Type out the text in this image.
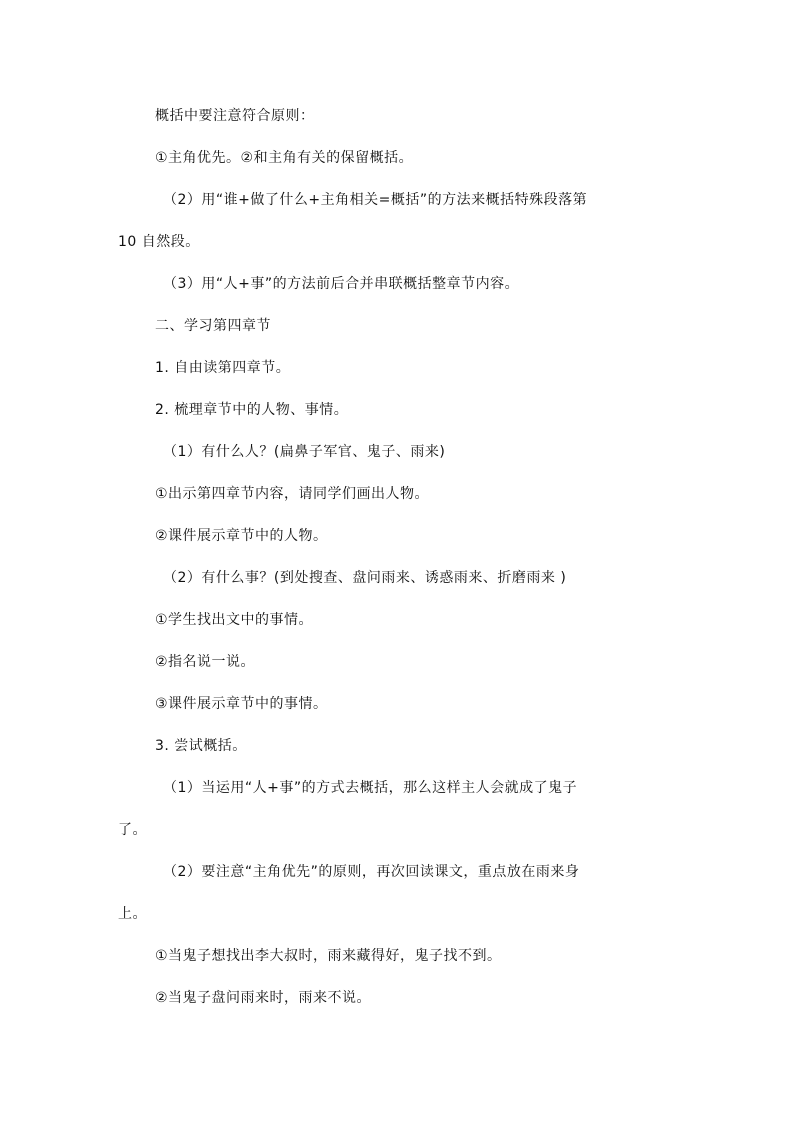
概括中要注意符合原则：
①主角优先。②和主角有关的保留概括。
（2）用“谁+做了什么+主角相关=概括”的方法来概括特殊段落第
10 自然段。
（3）用“人+事”的方法前后合并串联概括整章节内容。
二、学习第四章节
1. 自由读第四章节。
2. 梳理章节中的人物、事情。
（1）有什么人？(扁鼻子军官、鬼子、雨来)
①出示第四章节内容，请同学们画出人物。
②课件展示章节中的人物。
（2）有什么事？(到处搜查、盘问雨来、诱惑雨来、折磨雨来 )
①学生找出文中的事情。
②指名说一说。
③课件展示章节中的事情。
3. 尝试概括。
（1）当运用“人+事”的方式去概括，那么这样主人会就成了鬼子
了。
（2）要注意“主角优先”的原则，再次回读课文，重点放在雨来身
上。
①当鬼子想找出李大叔时，雨来藏得好，鬼子找不到。
②当鬼子盘问雨来时，雨来不说。
